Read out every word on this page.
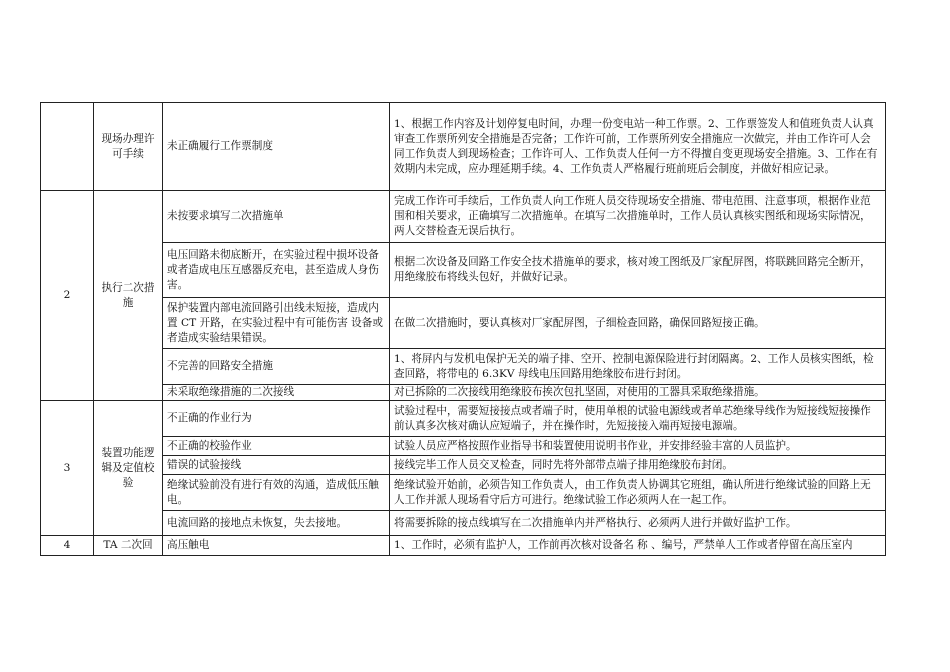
	现场办理许可手续	未正确履行工作票制度	1、根据工作内容及计划停复电时间，办理一份变电站一种工作票。2、工作票签发人和值班负责人认真审查工作票所列安全措施是否完备；工作许可前，工作票所列安全措施应一次做完，并由工作许可人会同工作负责人到现场检查；工作许可人、工作负责人任何一方不得擅自变更现场安全措施。3、工作在有效期内未完成，应办理延期手续。4、工作负责人严格履行班前班后会制度，并做好相应记录。
2	执行二次措施	未按要求填写二次措施单	完成工作许可手续后，工作负责人向工作班人员交待现场安全措施、带电范围、注意事项，根据作业范围和相关要求，正确填写二次措施单。在填写二次措施单时，工作人员认真核实图纸和现场实际情况，两人交替检查无误后执行。
		电压回路未彻底断开，在实验过程中损坏设备或者造成电压互感器反充电，甚至造成人身伤害。	根据二次设备及回路工作安全技术措施单的要求，核对竣工图纸及厂家配屏图，将联跳回路完全断开，用绝缘胶布将线头包好，并做好记录。
		保护装置内部电流回路引出线未短接，造成内置 CT 开路，在实验过程中有可能伤害 设备或者造成实验结果错误。	在做二次措施时，要认真核对厂家配屏图，子细检查回路，确保回路短接正确。
		不完善的回路安全措施	1、将屏内与发机电保护无关的端子排、空开、控制电源保险进行封闭隔离。2、工作人员核实图纸，检查回路，将带电的 6.3KV 母线电压回路用绝缘胶布进行封闭。
		未采取绝缘措施的二次接线	对已拆除的二次接线用绝缘胶布挨次包扎坚固，对使用的工器具采取绝缘措施。
3	装置功能逻辑及定值校验	不正确的作业行为	试验过程中，需要短接接点或者端子时，使用单根的试验电源线或者单芯绝缘导线作为短接线短接操作前认真多次核对确认应短端子，并在操作时，先短接接入端再短接电源端。
		不正确的校验作业	试验人员应严格按照作业指导书和装置使用说明书作业，并安排经验丰富的人员监护。
		错误的试验接线	接线完毕工作人员交叉检查，同时先将外部带点端子排用绝缘胶布封闭。
		绝缘试验前没有进行有效的沟通，造成低压触电。	绝缘试验开始前，必须告知工作负责人，由工作负责人协调其它班组，确认所进行绝缘试验的回路上无人工作并派人现场看守后方可进行。绝缘试验工作必须两人在一起工作。
		电流回路的接地点未恢复，失去接地。	将需要拆除的接点线填写在二次措施单内并严格执行、必须两人进行并做好监护工作。
4	TA 二次回	高压触电	1、工作时，必须有监护人，工作前再次核对设备名 称 、编号，严禁单人工作或者停留在高压室内
